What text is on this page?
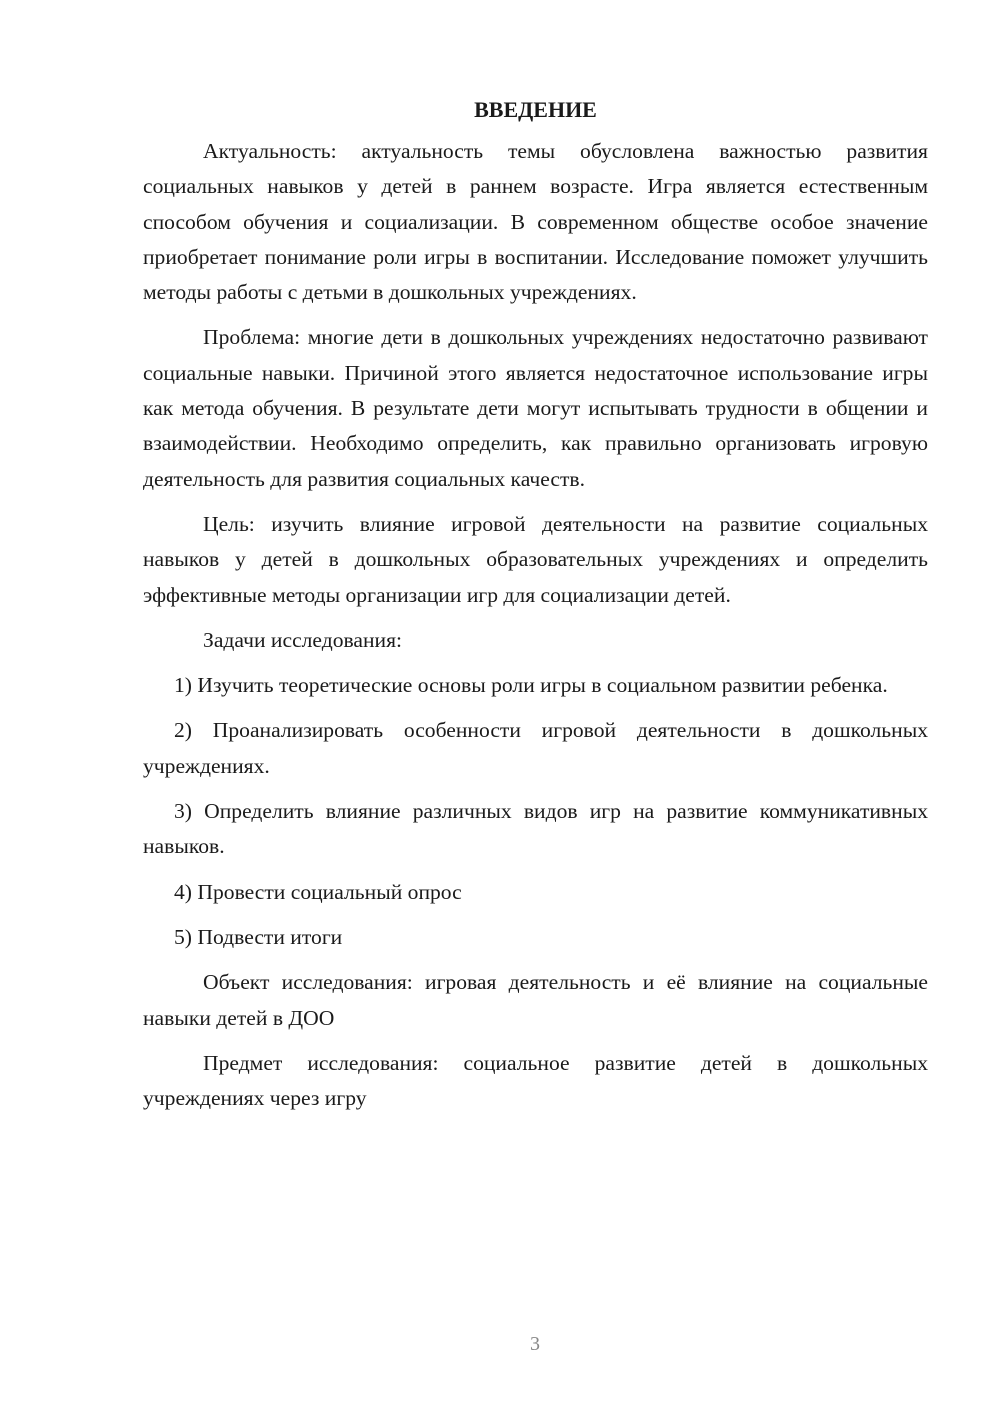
ВВЕДЕНИЕ

Актуальность: актуальность темы обусловлена важностью развития социальных навыков у детей в раннем возрасте. Игра является естественным способом обучения и социализации. В современном обществе особое значение приобретает понимание роли игры в воспитании. Исследование поможет улучшить методы работы с детьми в дошкольных учреждениях.

Проблема: многие дети в дошкольных учреждениях недостаточно развивают социальные навыки. Причиной этого является недостаточное использование игры как метода обучения. В результате дети могут испытывать трудности в общении и взаимодействии. Необходимо определить, как правильно организовать игровую деятельность для развития социальных качеств.

Цель: изучить влияние игровой деятельности на развитие социальных навыков у детей в дошкольных образовательных учреждениях и определить эффективные методы организации игр для социализации детей.

Задачи исследования:

1) Изучить теоретические основы роли игры в социальном развитии ребенка.

2) Проанализировать особенности игровой деятельности в дошкольных учреждениях.

3) Определить влияние различных видов игр на развитие коммуникативных навыков.

4) Провести социальный опрос

5) Подвести итоги

Объект исследования: игровая деятельность и её влияние на социальные навыки детей в ДОО

Предмет исследования: социальное развитие детей в дошкольных учреждениях через игру

3
